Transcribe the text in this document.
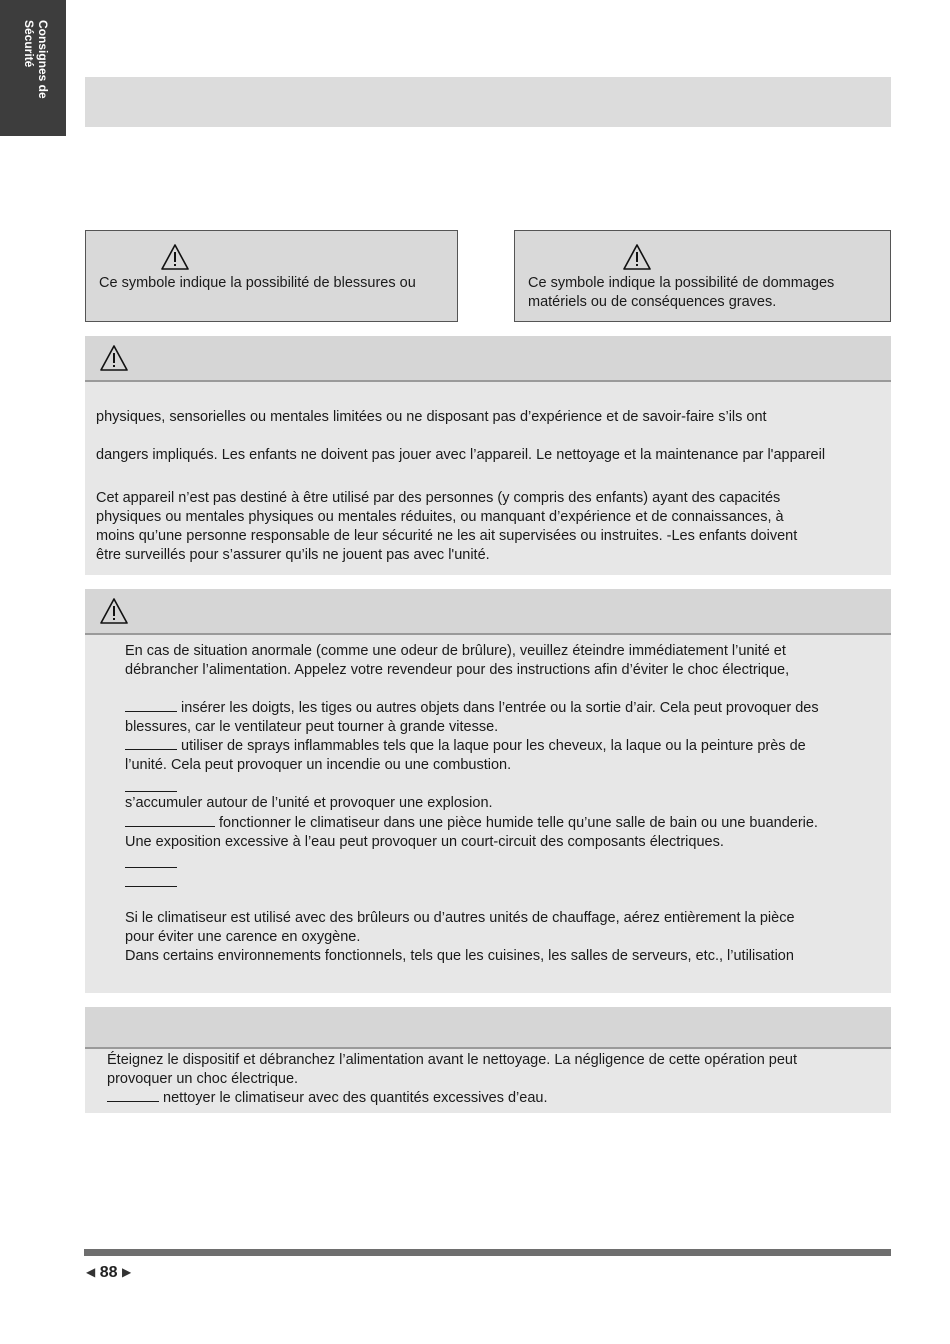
Consignes de
Sécurité
Ce symbole indique la possibilité de blessures ou	Ce symbole indique la possibilité de dommages
matériels ou de conséquences graves.
physiques, sensorielles ou mentales limitées ou ne disposant pas d’expérience et de savoir-faire s’ils ont
dangers impliqués. Les enfants ne doivent pas jouer avec l’appareil. Le nettoyage et la maintenance par l'appareil
Cet appareil n’est pas destiné à être utilisé par des personnes (y compris des enfants) ayant des capacités
physiques ou mentales physiques ou mentales réduites, ou manquant d’expérience et de connaissances, à
moins qu’une personne responsable de leur sécurité ne les ait supervisées ou instruites. -Les enfants doivent
être surveillés pour s’assurer qu’ils ne jouent pas avec l'unité.
En cas de situation anormale (comme une odeur de brûlure), veuillez éteindre immédiatement l’unité et
débrancher l’alimentation. Appelez votre revendeur pour des instructions afin d’éviter le choc électrique,
insérer les doigts, les tiges ou autres objets dans l’entrée ou la sortie d’air. Cela peut provoquer des
blessures, car le ventilateur peut tourner à grande vitesse.
utiliser de sprays inflammables tels que la laque pour les cheveux, la laque ou la peinture près de
l’unité. Cela peut provoquer un incendie ou une combustion.
s’accumuler autour de l’unité et provoquer une explosion.
fonctionner le climatiseur dans une pièce humide telle qu’une salle de bain ou une buanderie.
Une exposition excessive à l’eau peut provoquer un court-circuit des composants électriques.
Si le climatiseur est utilisé avec des brûleurs ou d’autres unités de chauffage, aérez entièrement la pièce
pour éviter une carence en oxygène.
Dans certains environnements fonctionnels, tels que les cuisines, les salles de serveurs, etc., l’utilisation
Éteignez le dispositif et débranchez l’alimentation avant le nettoyage. La négligence de cette opération peut
provoquer un choc électrique.
nettoyer le climatiseur avec des quantités excessives d’eau.
◀ 88 ▶
